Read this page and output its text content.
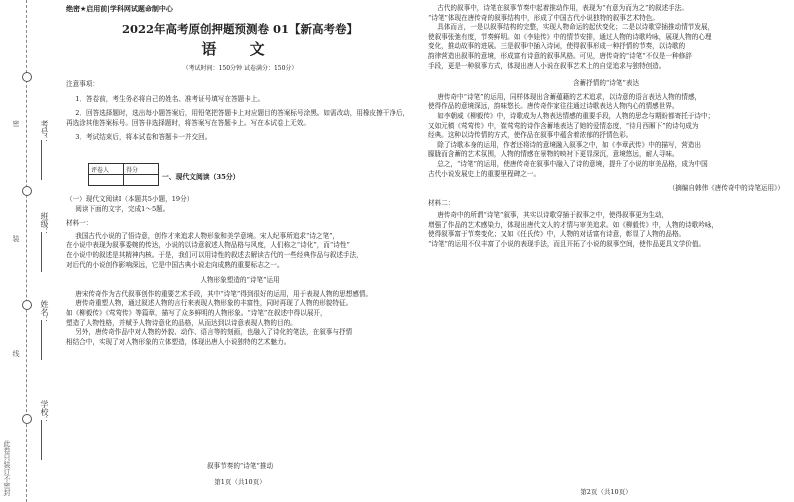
密
装
线
此卷只装订不密封
考号：
班级：
姓名：
学校：
绝密★启用前|学科网试题命制中心
2022年高考原创押题预测卷 01【新高考卷】
语 文
（考试时间：150分钟 试卷满分：150分）

注意事项：

1．答卷前，考生务必将自己的姓名、准考证号填写在答题卡上。

2．回答选择题时，选出每小题答案后，用铅笔把答题卡上对应题目的答案标号涂黑。如需改动，用橡皮擦干净后，再选涂其他答案标号。回答非选择题时，将答案写在答题卡上。写在本试卷上无效。

3．考试结束后，将本试卷和答题卡一并交回。

评卷人	得分

一、现代文阅读（35分）

（一）现代文阅读Ⅰ（本题共5小题，19分）

阅读下面的文字，完成1～5题。

材料一：

我国古代小说的了悟诗意，创作才来追求人物形象和美学意境。宋人纪事所追求“诗之笔”，

在小说中表现为叙事委婉的传达，小说的以诗意叙述人物品格与风度，人们称之“诗化”，而“诗性”

在小说中的叙述是其精神内核。于是，我们可以用诗性的叙述去解读古代的一些经典作品与叙述手法，

对后代的小说创作影响深远，它是中国古典小说走向成熟的重要标志之一。

人物形象塑造的“诗笔”运用

唐宋传奇作为古代叙事创作的重要艺术手段，其中“诗笔”得到很好的运用，用于表现人物的思想感情。

唐传奇重塑人物，通过叙述人物的言行来表现人物形象的丰富性，同时再现了人物的形貌特征。

如《柳毅传》《莺莺传》等篇章，描写了众多鲜明的人物形象。“诗笔”在叙述中得以展开，

塑造了人物性格，并赋予人物诗意化的品格，从而达到以诗意表现人物的目的。

另外，唐传奇作品中对人物的外貌、动作、语言等的刻画，也融入了诗化的笔法，在叙事与抒情

相结合中，实现了对人物形象的立体塑造，体现出唐人小说独特的艺术魅力。

叙事节奏的“诗笔”推动

第1页（共10页）

古代的叙事中，诗笔在叙事节奏中起着推动作用，表现为“有意为而为之”的叙述手法。

“诗笔”体现在唐传奇的叙事结构中，形成了中国古代小说独特的叙事艺术特色。

具体而言，一是以叙事结构的完整，实现人物命运的起伏变化；二是以诗歌穿插推动情节发展，

使叙事张弛有度，节奏鲜明。如《李娃传》中的情节安排，通过人物的诗歌吟咏，展现人物的心理

变化，推动故事的进展。三是叙事中插入诗词，使得叙事形成一种抒情的节奏，以诗歌的

韵律营造出叙事的意境，形成富有诗意的叙事风格。可见，唐传奇的“诗笔”不仅是一种修辞

手段，更是一种叙事方式，体现出唐人小说在叙事艺术上的自觉追求与独特创造。

含蓄抒情的“诗笔”表达

唐传奇中“诗笔”的运用，同样体现出含蓄蕴藉的艺术追求，以诗意的语言表达人物的情感，

使得作品的意境深远，韵味悠长。唐传奇作家往往通过诗歌表达人物内心的情感世界。

如李朝威《柳毅传》中，诗歌成为人物表达情感的重要手段，人物的思念与期盼都寄托于诗中；

又如元稹《莺莺传》中，崔莺莺的诗作含蓄地表达了她的爱情态度，“待月西厢下”的诗句成为

经典。这种以诗传情的方式，使作品在叙事中蕴含着浓郁的抒情色彩。

除了诗歌本身的运用，作者还将诗的意境融入叙事之中，如《李章武传》中的描写，营造出

朦胧而含蓄的艺术氛围，人物的情感在景物的映衬下更显深沉，意境悠远，耐人寻味。

总之，“诗笔”的运用，使唐传奇在叙事中融入了诗的意境，提升了小说的审美品格，成为中国

古代小说发展史上的重要里程碑之一。

（摘编自韩伟《唐传奇中的诗笔运用》）

材料二：

唐传奇中的所谓“诗笔”叙事，其实以诗歌穿插于叙事之中，使得叙事更为生动，

增强了作品的艺术感染力，体现出唐代文人的才情与审美追求。如《柳毅传》中，人物的诗歌吟咏，

使得叙事富于节奏变化；又如《任氏传》中，人物的对话富有诗意，彰显了人物的品格。

“诗笔”的运用不仅丰富了小说的表现手法，而且开拓了小说的叙事空间，使作品更具文学价值。

第2页（共10页）
